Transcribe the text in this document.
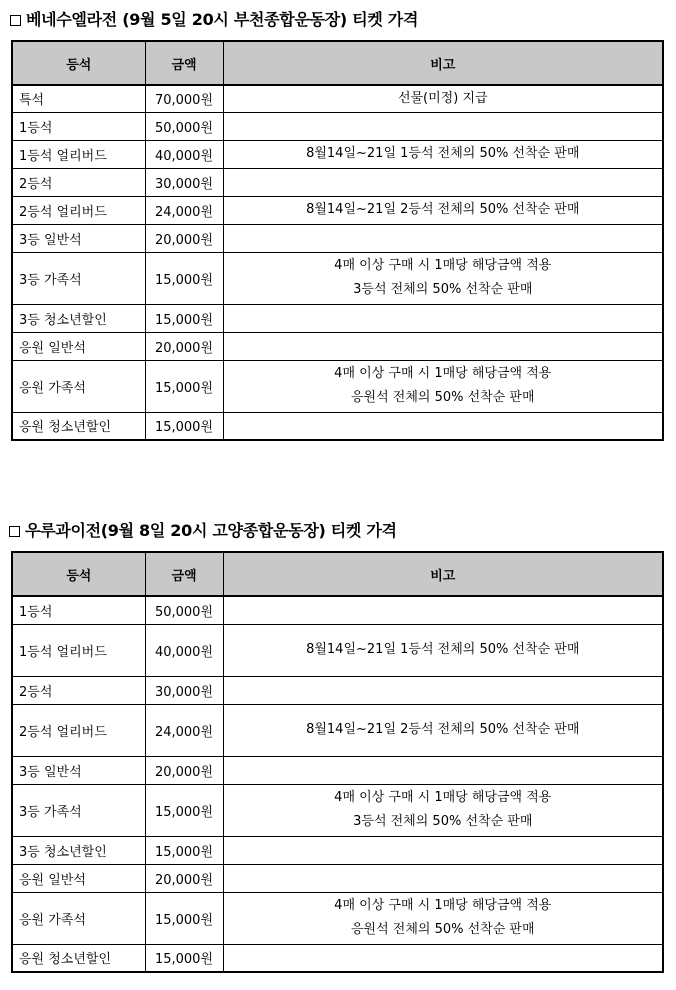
베네수엘라전 (9월 5일 20시 부천종합운동장) 티켓 가격
등석	금액	비고
특석	70,000원	선물(미정) 지급

1등석	50,000원	
1등석 얼리버드	40,000원	8월14일~21일 1등석 전체의 50% 선착순 판매

2등석	30,000원	
2등석 얼리버드	24,000원	8월14일~21일 2등석 전체의 50% 선착순 판매

3등 일반석	20,000원	
3등 가족석	15,000원	4매 이상 구매 시 1매당 해당금액 적용
3등석 전체의 50% 선착순 판매

3등 청소년할인	15,000원	
응원 일반석	20,000원	
응원 가족석	15,000원	4매 이상 구매 시 1매당 해당금액 적용
응원석 전체의 50% 선착순 판매

응원 청소년할인	15,000원	
우루과이전(9월 8일 20시 고양종합운동장) 티켓 가격
등석	금액	비고
1등석	50,000원	
1등석 얼리버드	40,000원	8월14일~21일 1등석 전체의 50% 선착순 판매

2등석	30,000원	
2등석 얼리버드	24,000원	8월14일~21일 2등석 전체의 50% 선착순 판매

3등 일반석	20,000원	
3등 가족석	15,000원	4매 이상 구매 시 1매당 해당금액 적용
3등석 전체의 50% 선착순 판매

3등 청소년할인	15,000원	
응원 일반석	20,000원	
응원 가족석	15,000원	4매 이상 구매 시 1매당 해당금액 적용
응원석 전체의 50% 선착순 판매

응원 청소년할인	15,000원	
